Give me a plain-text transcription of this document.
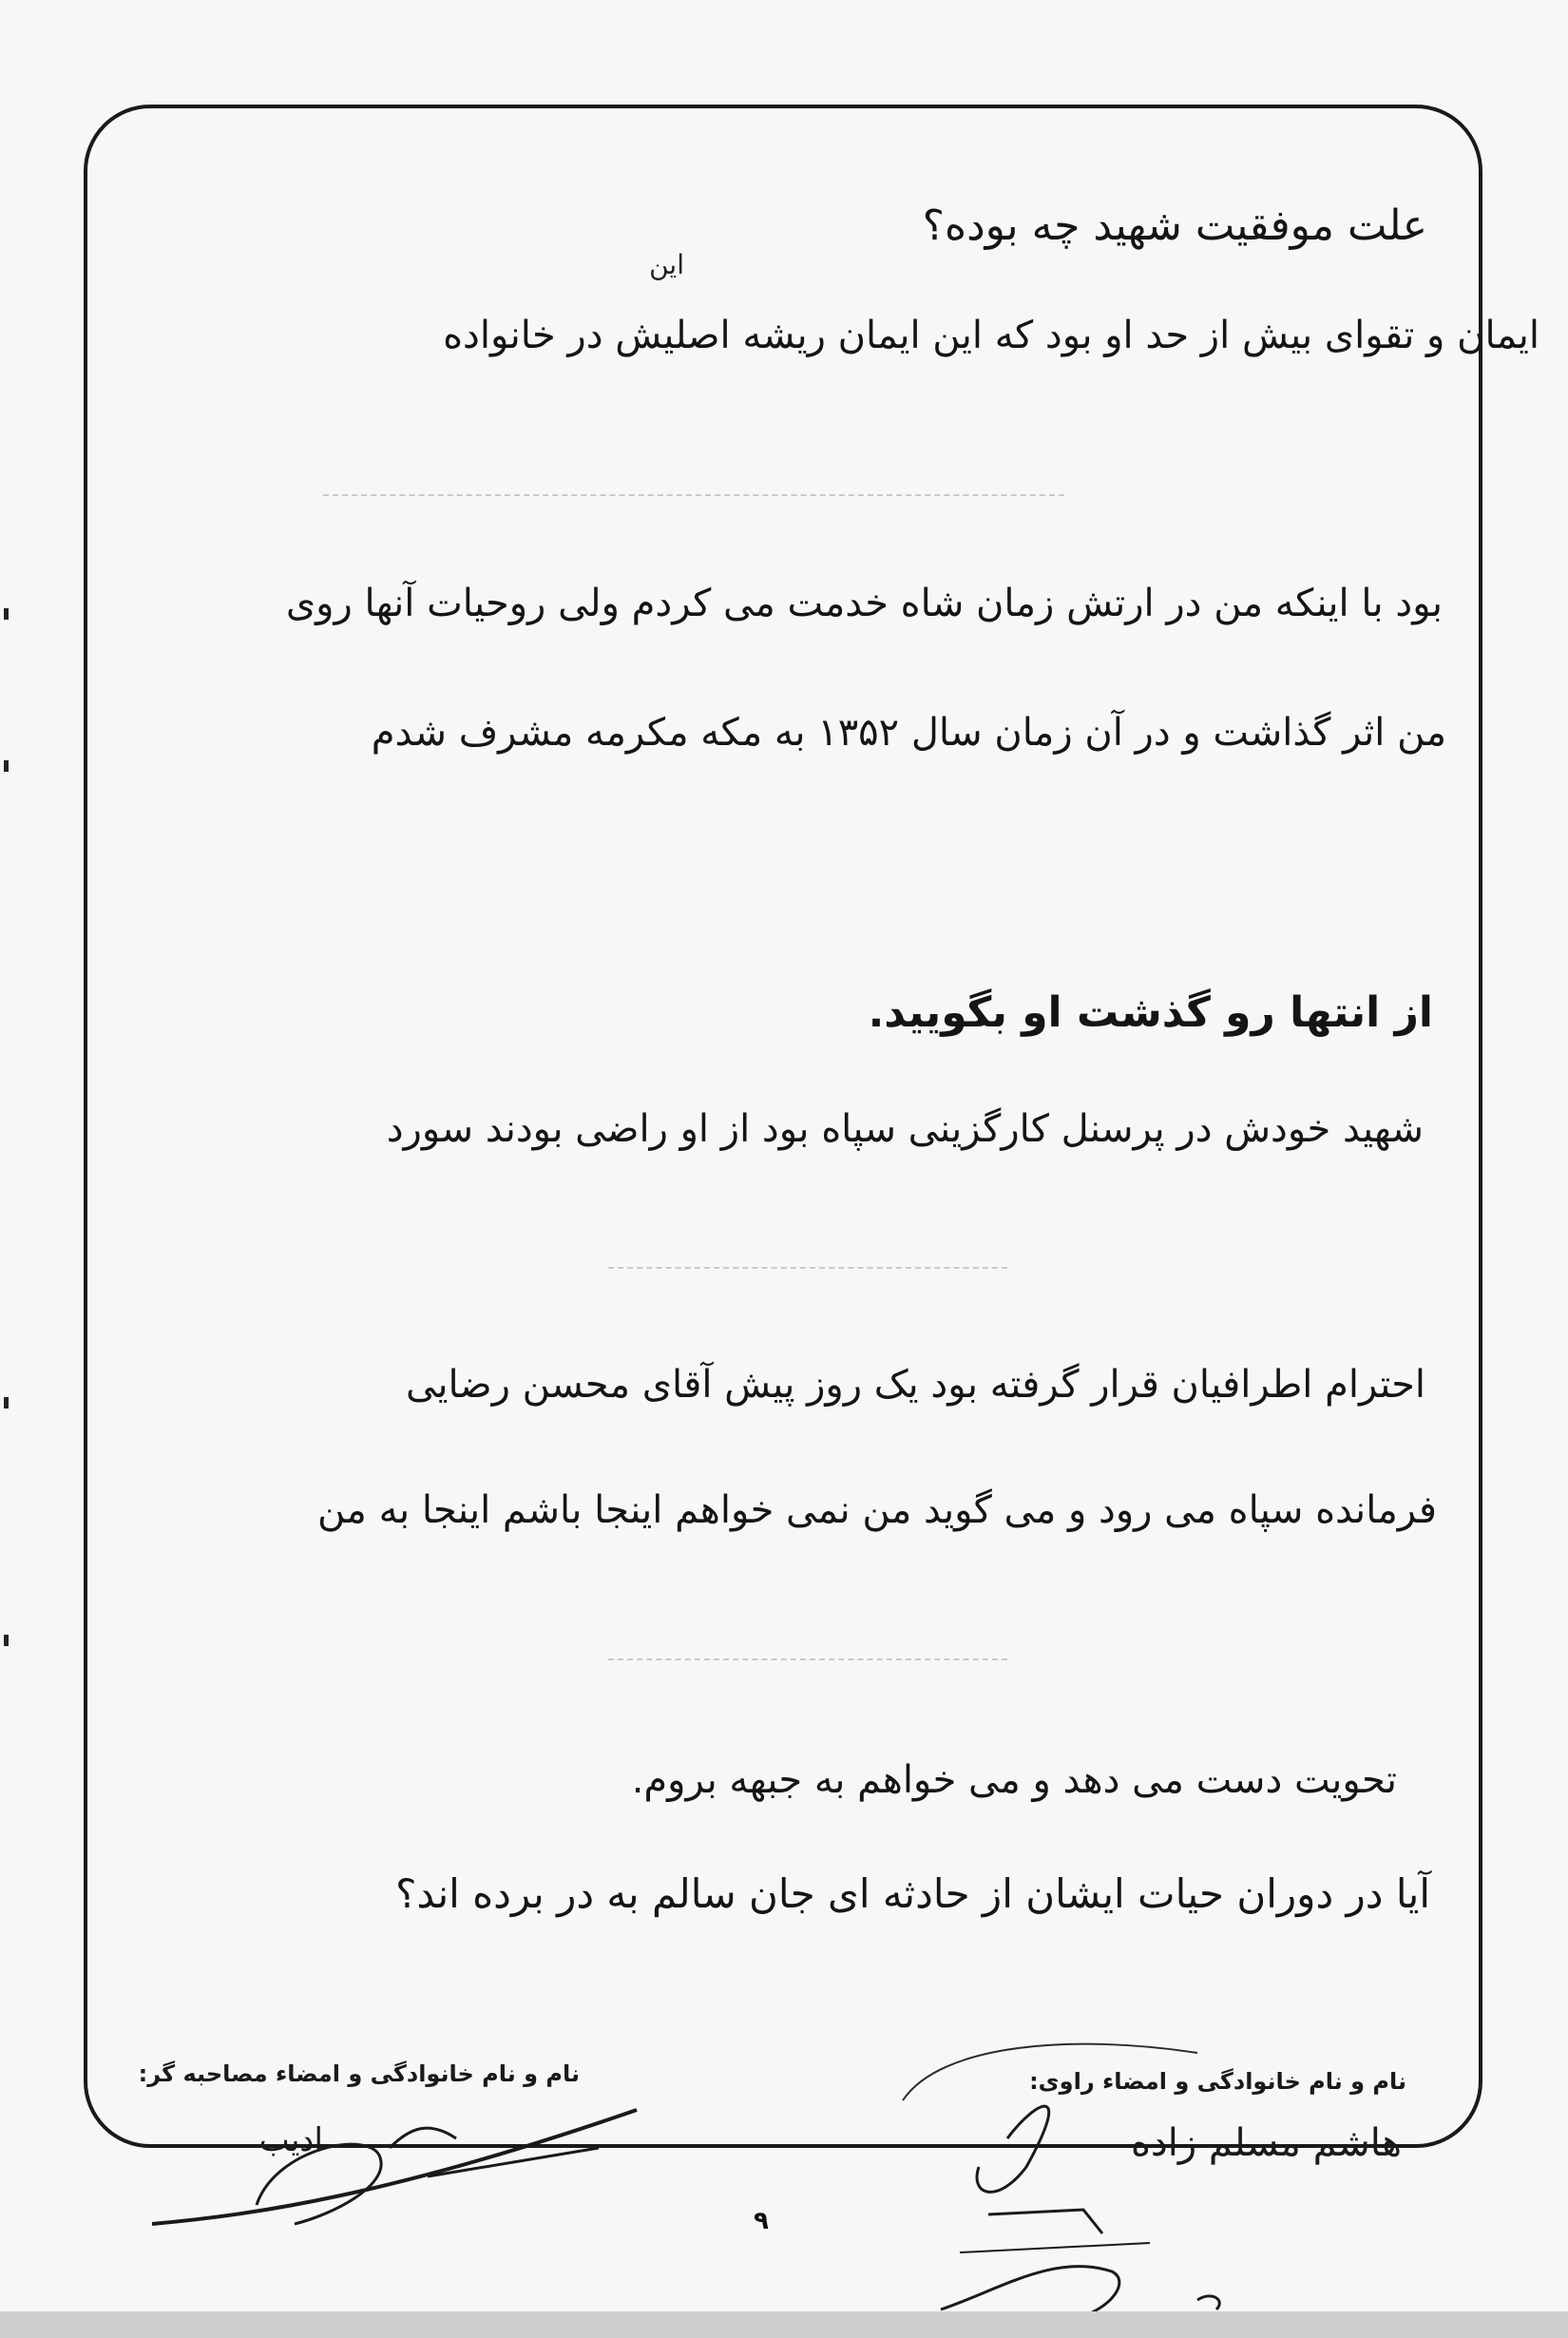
این
علت موفقیت شهید چه بوده؟
ایمان و تقوای بیش از حد او بود که این ایمان ریشه اصلیش در خانواده
بود با اینکه من در ارتش زمان شاه خدمت می کردم ولی روحیات آنها روی
من اثر گذاشت و در آن زمان سال ۱۳۵۲ به مکه مکرمه مشرف شدم
از انتها رو گذشت او بگویید.
شهید خودش در پرسنل کارگزینی سپاه بود از او راضی بودند سورد
احترام اطرافیان قرار گرفته بود یک روز پیش آقای محسن رضایی
فرمانده سپاه می رود و می گوید من نمی خواهم اینجا باشم اینجا به من
تحویت دست می دهد و می خواهم به جبهه بروم.
آیا در دوران حیات ایشان از حادثه ای جان سالم به در برده اند؟
نام و نام خانوادگی و امضاء راوی:
هاشم مسلم زاده
نام و نام خانوادگی و امضاء مصاحبه گر:
ادیب
۹
